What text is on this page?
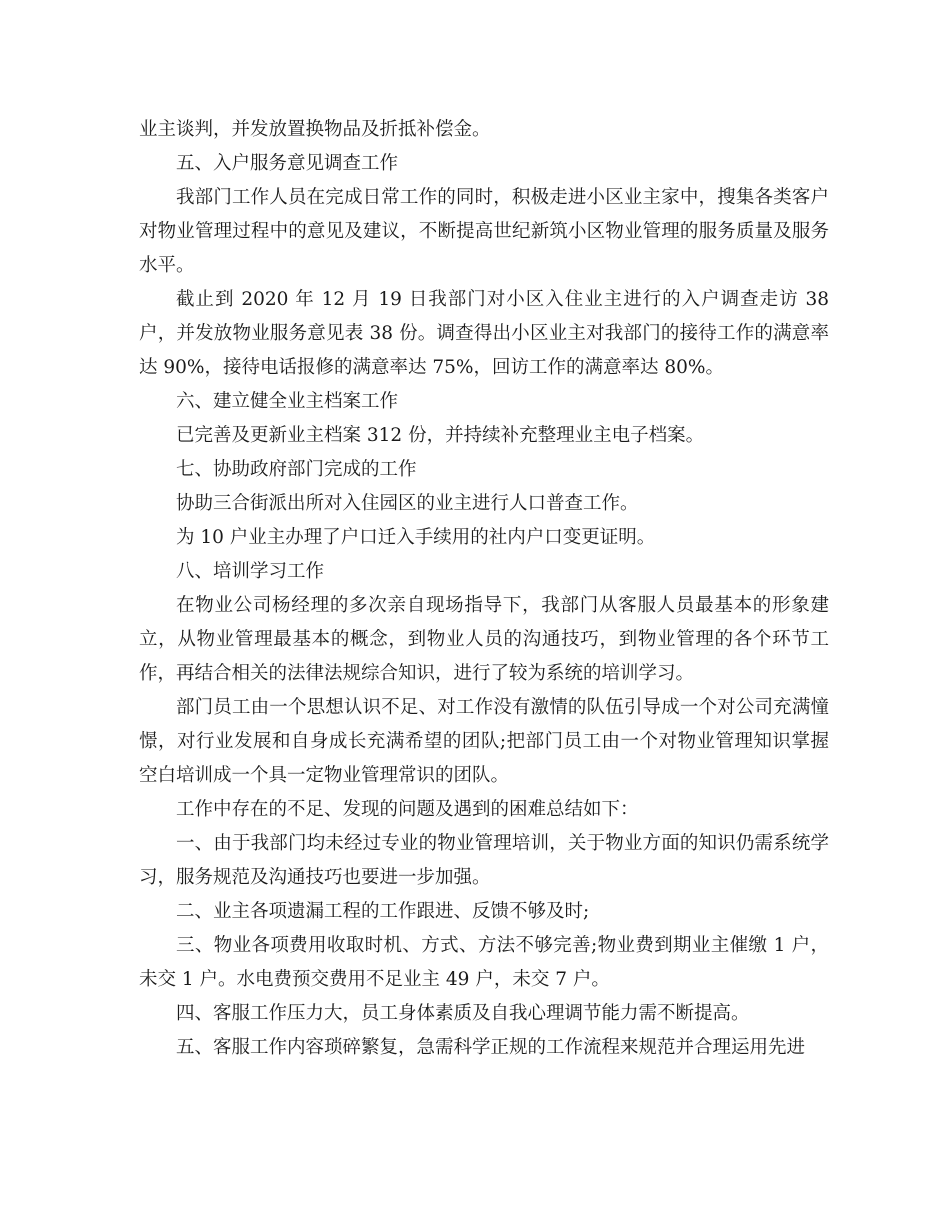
业主谈判，并发放置换物品及折抵补偿金。

五、入户服务意见调查工作

我部门工作人员在完成日常工作的同时，积极走进小区业主家中，搜集各类客户对物业管理过程中的意见及建议，不断提高世纪新筑小区物业管理的服务质量及服务水平。

截止到 2020 年 12 月 19 日我部门对小区入住业主进行的入户调查走访 38 户，并发放物业服务意见表 38 份。调查得出小区业主对我部门的接待工作的满意率达 90%，接待电话报修的满意率达 75%，回访工作的满意率达 80%。

六、建立健全业主档案工作

已完善及更新业主档案 312 份，并持续补充整理业主电子档案。

七、协助政府部门完成的工作

协助三合街派出所对入住园区的业主进行人口普查工作。

为 10 户业主办理了户口迁入手续用的社内户口变更证明。

八、培训学习工作

在物业公司杨经理的多次亲自现场指导下，我部门从客服人员最基本的形象建立，从物业管理最基本的概念，到物业人员的沟通技巧，到物业管理的各个环节工作，再结合相关的法律法规综合知识，进行了较为系统的培训学习。

部门员工由一个思想认识不足、对工作没有激情的队伍引导成一个对公司充满憧憬，对行业发展和自身成长充满希望的团队;把部门员工由一个对物业管理知识掌握空白培训成一个具一定物业管理常识的团队。

工作中存在的不足、发现的问题及遇到的困难总结如下：

一、由于我部门均未经过专业的物业管理培训，关于物业方面的知识仍需系统学习，服务规范及沟通技巧也要进一步加强。

二、业主各项遗漏工程的工作跟进、反馈不够及时;

三、物业各项费用收取时机、方式、方法不够完善;物业费到期业主催缴 1 户，未交 1 户。水电费预交费用不足业主 49 户，未交 7 户。

四、客服工作压力大，员工身体素质及自我心理调节能力需不断提高。

五、客服工作内容琐碎繁复，急需科学正规的工作流程来规范并合理运用先进
